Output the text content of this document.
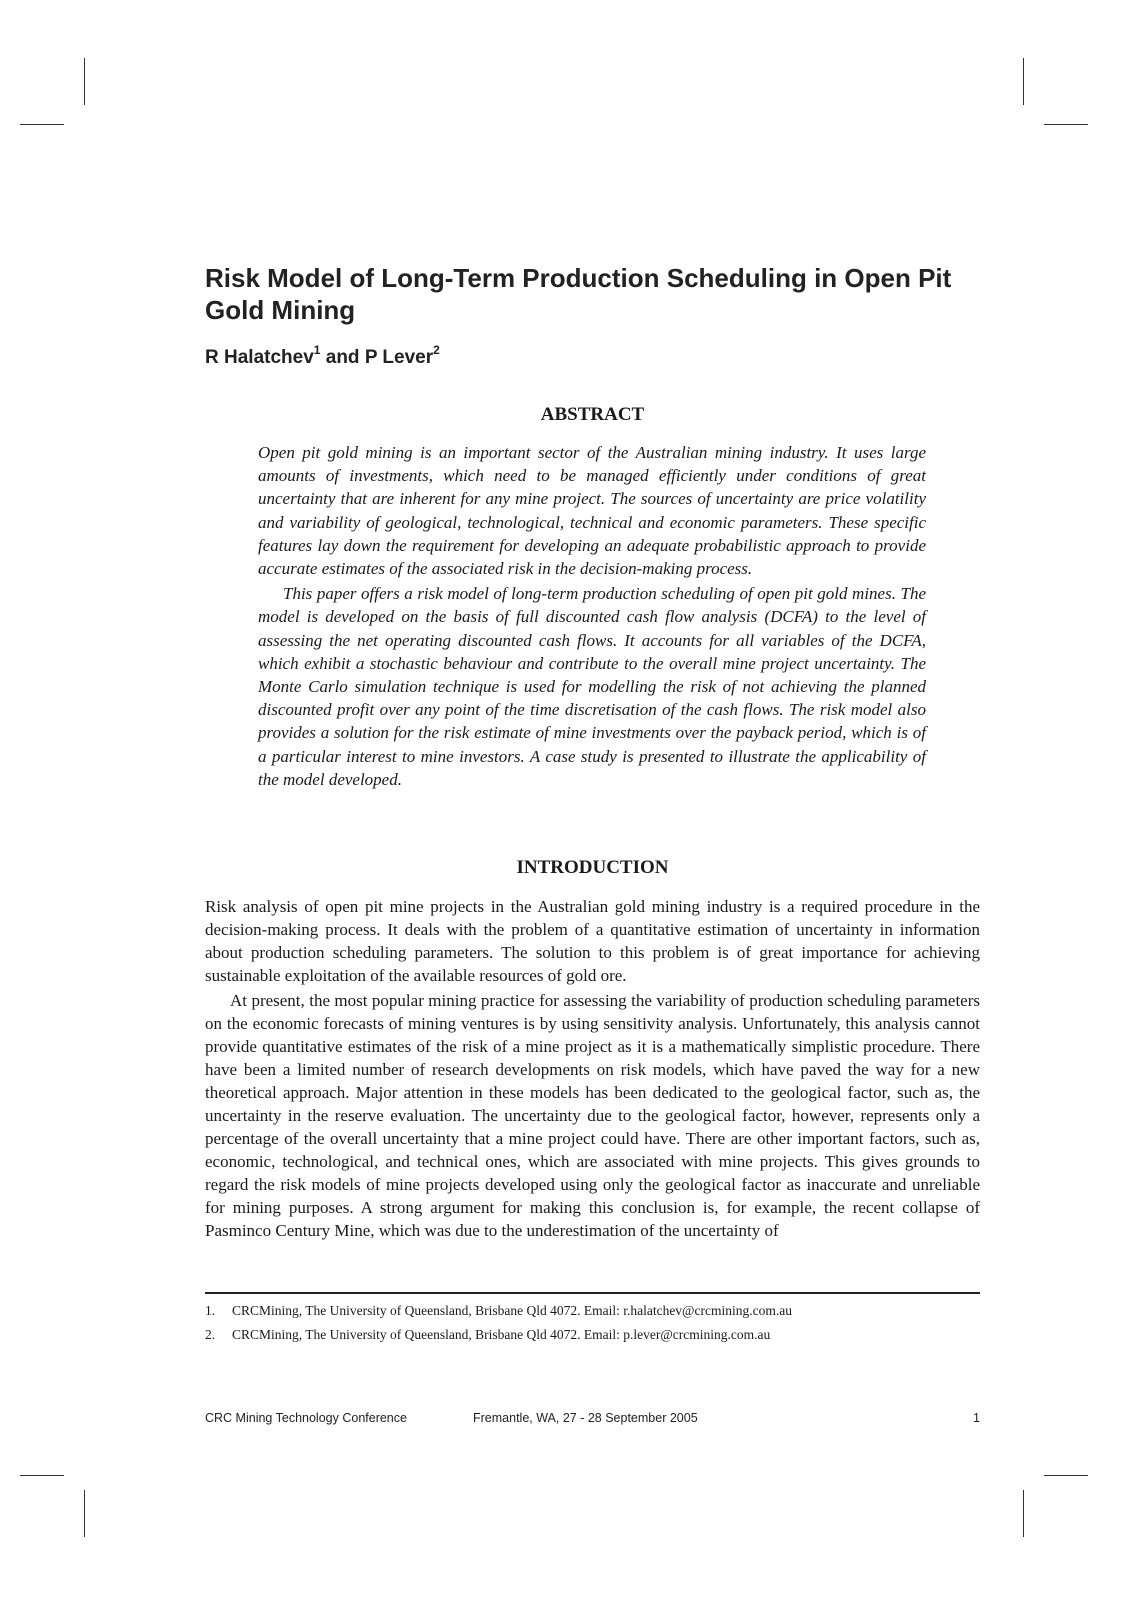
Risk Model of Long-Term Production Scheduling in Open Pit Gold Mining
R Halatchev$^1$ and P Lever$^2$
ABSTRACT

Open pit gold mining is an important sector of the Australian mining industry. It uses large amounts of investments, which need to be managed efficiently under conditions of great uncertainty that are inherent for any mine project. The sources of uncertainty are price volatility and variability of geological, technological, technical and economic parameters. These specific features lay down the requirement for developing an adequate probabilistic approach to provide accurate estimates of the associated risk in the decision-making process.

This paper offers a risk model of long-term production scheduling of open pit gold mines. The model is developed on the basis of full discounted cash flow analysis (DCFA) to the level of assessing the net operating discounted cash flows. It accounts for all variables of the DCFA, which exhibit a stochastic behaviour and contribute to the overall mine project uncertainty. The Monte Carlo simulation technique is used for modelling the risk of not achieving the planned discounted profit over any point of the time discretisation of the cash flows. The risk model also provides a solution for the risk estimate of mine investments over the payback period, which is of a particular interest to mine investors. A case study is presented to illustrate the applicability of the model developed.

INTRODUCTION

Risk analysis of open pit mine projects in the Australian gold mining industry is a required procedure in the decision-making process. It deals with the problem of a quantitative estimation of uncertainty in information about production scheduling parameters. The solution to this problem is of great importance for achieving sustainable exploitation of the available resources of gold ore.

At present, the most popular mining practice for assessing the variability of production scheduling parameters on the economic forecasts of mining ventures is by using sensitivity analysis. Unfortunately, this analysis cannot provide quantitative estimates of the risk of a mine project as it is a mathematically simplistic procedure. There have been a limited number of research developments on risk models, which have paved the way for a new theoretical approach. Major attention in these models has been dedicated to the geological factor, such as, the uncertainty in the reserve evaluation. The uncertainty due to the geological factor, however, represents only a percentage of the overall uncertainty that a mine project could have. There are other important factors, such as, economic, technological, and technical ones, which are associated with mine projects. This gives grounds to regard the risk models of mine projects developed using only the geological factor as inaccurate and unreliable for mining purposes. A strong argument for making this conclusion is, for example, the recent collapse of Pasminco Century Mine, which was due to the underestimation of the uncertainty of

1. CRCMining, The University of Queensland, Brisbane Qld 4072. Email: r.halatchev@crcmining.com.au
2. CRCMining, The University of Queensland, Brisbane Qld 4072. Email: p.lever@crcmining.com.au
CRC Mining Technology Conference	Fremantle, WA, 27 - 28 September 2005	1
